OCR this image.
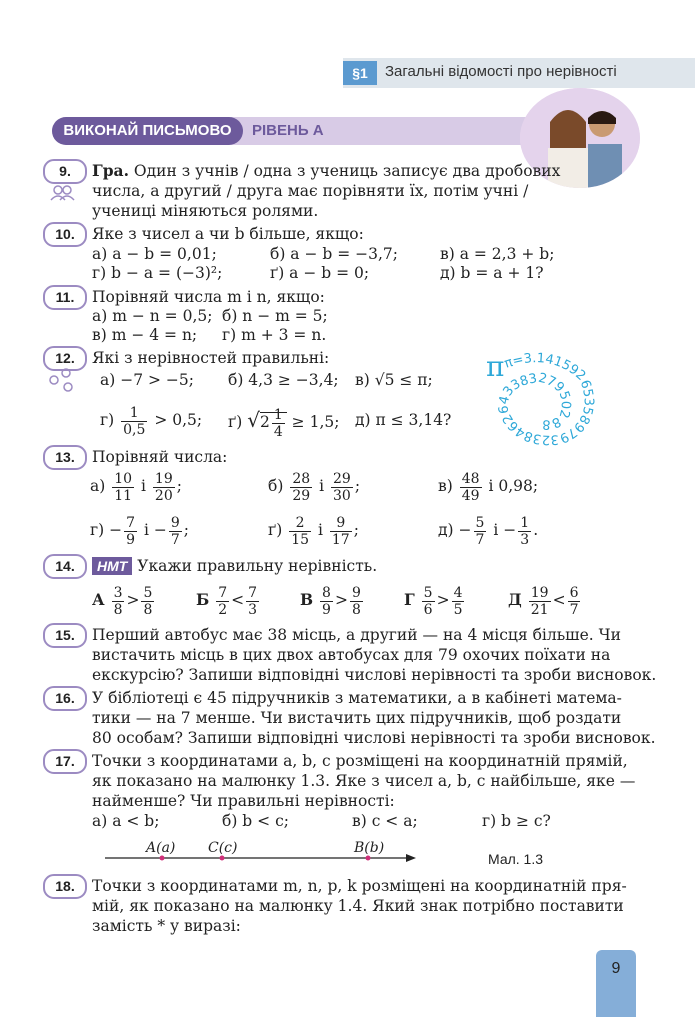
§1	Загальні відомості про нерівності
ВИКОНАЙ ПИСЬМОВО	РІВЕНЬ А
9.	Гра. Один з учнів / одна з учениць записує два дробових
числа, а другий / друга має порівняти їх, потім учні /
учениці міняються ролями.
10.	Яке з чисел a чи b більше, якщо:
а) a − b = 0,01;	б) a − b = −3,7;	в) a = 2,3 + b;
г) b − a = (−3)²;	ґ) a − b = 0;	д) b = a + 1?
11.	Порівняй числа m і n, якщо:
а) m − n = 0,5; б) n − m = 5;
в) m − 4 = n; г) m + 3 = n.
12.	Які з нерівностей правильні:
а) −7 > −5; б) 4,3 ≥ −3,4; в) √5 ≤ π;
$г) \frac{1}{0,5} > 0,5$; ґ) $√2 \frac{1}{4} \ge 1,5$; д) π ≤ 3,14?
π
π=3.14159265358979323846264338327950288
13.	Порівняй числа:
$а) \frac{10}{11}$ і $\frac{19}{20}$ ;	$б) \frac{28}{29}$ і $\frac{29}{30}$ ;	$в) \frac{48}{49}$ і 0,98;
$г) - \frac{7}{9}$ $і - \frac{9}{7}$ ;	$ґ) \frac{2}{15}$ і $\frac{9}{17}$ ;	$д) - \frac{5}{7}$ $і - \frac{1}{3}$ .
14.	НМТ Укажи правильну нерівність.
А $\frac{3}{8} > \frac{5}{8}$	Б $\frac{7}{2} < \frac{7}{3}$	В $\frac{8}{9} > \frac{9}{8}$	Г $\frac{5}{6} > \frac{4}{5}$	Д $\frac{19}{21} < \frac{6}{7}$
15.	Перший автобус має 38 місць, а другий — на 4 місця більше. Чи
вистачить місць в цих двох автобусах для 79 охочих поїхати на
екскурсію? Запиши відповідні числові нерівності та зроби висновок.
16.	У бібліотеці є 45 підручників з математики, а в кабінеті матема-
тики — на 7 менше. Чи вистачить цих підручників, щоб роздати
80 особам? Запиши відповідні числові нерівності та зроби висновок.
17.	Точки з координатами a, b, c розміщені на координатній прямій,
як показано на малюнку 1.3. Яке з чисел a, b, c найбільше, яке —
найменше? Чи правильні нерівності:
а) a < b;	б) b < c;	в) c < a;	г) b ≥ c?
A(a) C(c)	B(b)
Мал. 1.3
18.	Точки з координатами m, n, p, k розміщені на координатній пря-
мій, як показано на малюнку 1.4. Який знак потрібно поставити
замість * у виразі:
9
